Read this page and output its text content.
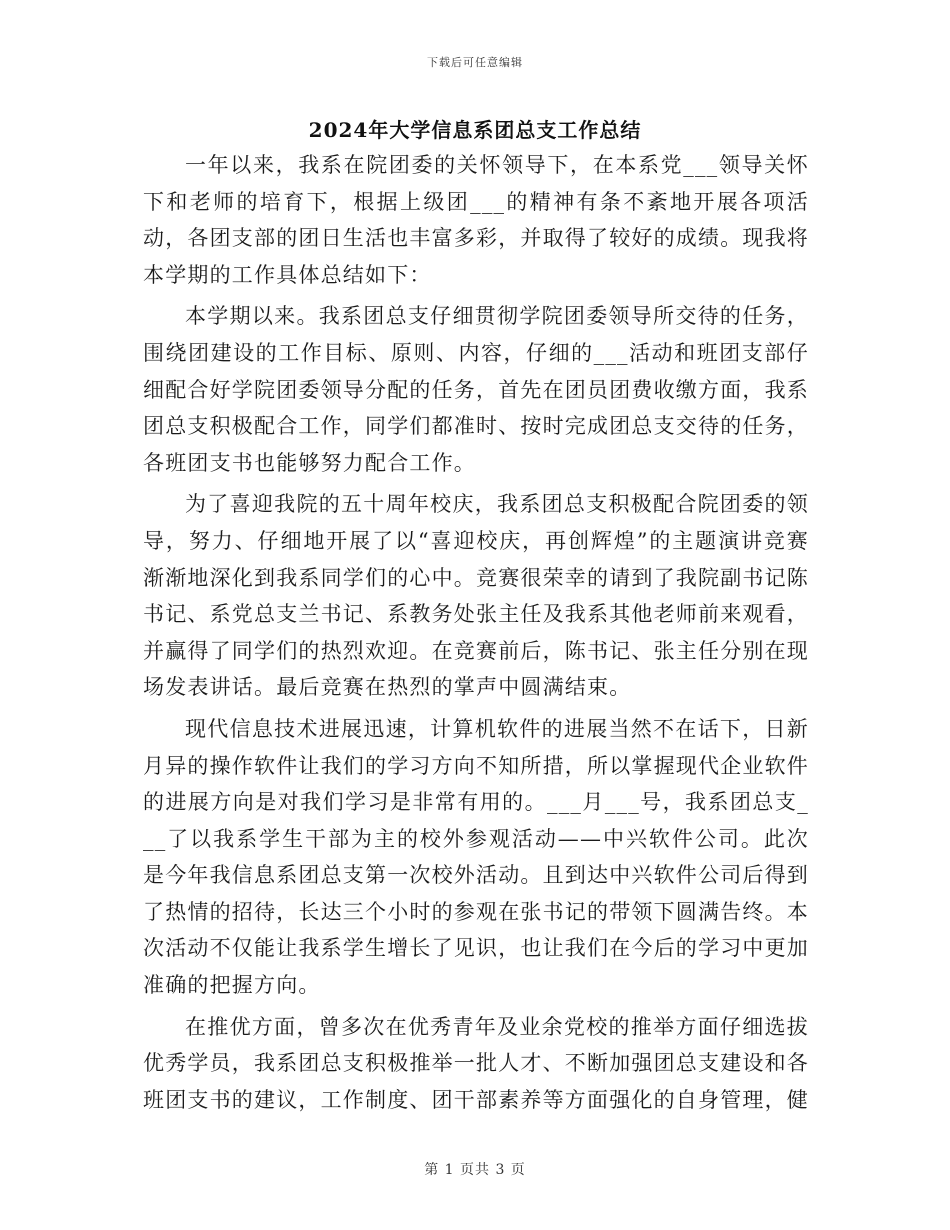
下载后可任意编辑
2024年大学信息系团总支工作总结

一年以来，我系在院团委的关怀领导下，在本系党___领导关怀下和老师的培育下，根据上级团___的精神有条不紊地开展各项活动，各团支部的团日生活也丰富多彩，并取得了较好的成绩。现我将本学期的工作具体总结如下：

本学期以来。我系团总支仔细贯彻学院团委领导所交待的任务，围绕团建设的工作目标、原则、内容，仔细的___活动和班团支部仔细配合好学院团委领导分配的任务，首先在团员团费收缴方面，我系团总支积极配合工作，同学们都准时、按时完成团总支交待的任务，各班团支书也能够努力配合工作。

为了喜迎我院的五十周年校庆，我系团总支积极配合院团委的领导，努力、仔细地开展了以“喜迎校庆，再创辉煌”的主题演讲竞赛渐渐地深化到我系同学们的心中。竞赛很荣幸的请到了我院副书记陈书记、系党总支兰书记、系教务处张主任及我系其他老师前来观看，并赢得了同学们的热烈欢迎。在竞赛前后，陈书记、张主任分别在现场发表讲话。最后竞赛在热烈的掌声中圆满结束。

现代信息技术进展迅速，计算机软件的进展当然不在话下，日新月异的操作软件让我们的学习方向不知所措，所以掌握现代企业软件的进展方向是对我们学习是非常有用的。___月___号，我系团总支___了以我系学生干部为主的校外参观活动——中兴软件公司。此次是今年我信息系团总支第一次校外活动。且到达中兴软件公司后得到了热情的招待，长达三个小时的参观在张书记的带领下圆满告终。本次活动不仅能让我系学生增长了见识，也让我们在今后的学习中更加准确的把握方向。

在推优方面，曾多次在优秀青年及业余党校的推举方面仔细选拔优秀学员，我系团总支积极推举一批人才、不断加强团总支建设和各班团支书的建议，工作制度、团干部素养等方面强化的自身管理，健

第 1 页共 3 页
